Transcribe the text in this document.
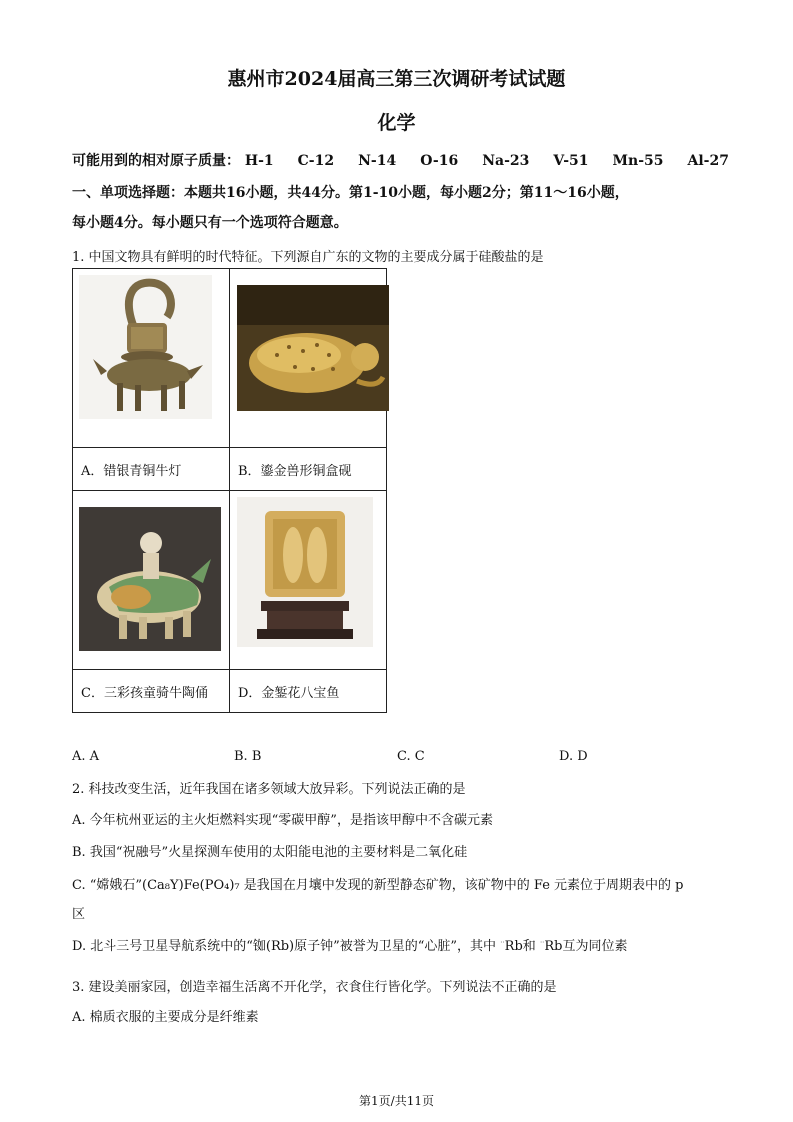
惠州市2024届高三第三次调研考试试题
化学
可能用到的相对原子质量： H-1 C-12 N-14 O-16 Na-23 V-51 Mn-55 Al-27
一、单项选择题：本题共16小题，共44分。第1-10小题，每小题2分；第11～16小题，
每小题4分。每小题只有一个选项符合题意。
1. 中国文物具有鲜明的时代特征。下列源自广东的文物的主要成分属于硅酸盐的是

A．错银青铜牛灯	B．鎏金兽形铜盒砚

C．三彩孩童骑牛陶俑	D．金錾花八宝鱼
A. A	B. B	C. C	D. D
2. 科技改变生活，近年我国在诸多领域大放异彩。下列说法正确的是
A. 今年杭州亚运的主火炬燃料实现“零碳甲醇”，是指该甲醇中不含碳元素
B. 我国“祝融号”火星探测车使用的太阳能电池的主要材料是二氧化硅
C. “嫦娥石”(Ca₈Y)Fe(PO₄)₇ 是我国在月壤中发现的新型静态矿物，该矿物中的 Fe 元素位于周期表中的 p
区
D. 北斗三号卫星导航系统中的“铷(Rb)原子钟”被誉为卫星的“心脏”，其中 ··Rb和 ··Rb互为同位素
3. 建设美丽家园，创造幸福生活离不开化学，衣食住行皆化学。下列说法不正确的是
A. 棉质衣服的主要成分是纤维素
第1页/共11页
